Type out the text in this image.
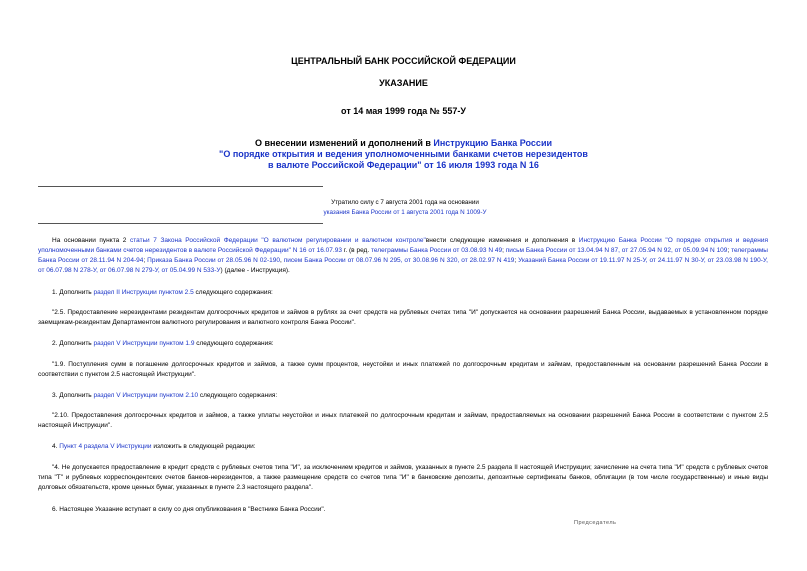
ЦЕНТРАЛЬНЫЙ БАНК РОССИЙСКОЙ ФЕДЕРАЦИИ
УКАЗАНИЕ
от 14 мая 1999 года № 557-У
О внесении изменений и дополнений в Инструкцию Банка России
"О порядке открытия и ведения уполномоченными банками счетов нерезидентов
в валюте Российской Федерации" от 16 июля 1993 года N 16
Утратило силу с 7 августа 2001 года на основании
указания Банка России от 1 августа 2001 года N 1009-У
На основании пункта 2 статьи 7 Закона Российской Федерации "О валютном регулировании и валютном контроле"внести следующие изменения и дополнения в Инструкцию Банка России "О порядке открытия и ведения уполномоченными банками счетов нерезидентов в валюте Российской Федерации" N 16 от 16.07.93 г. (в ред. телеграммы Банка России от 03.08.93 N 49; письм Банка России от 13.04.94 N 87, от 27.05.94 N 92, от 05.09.94 N 109; телеграммы Банка России от 28.11.94 N 204-94; Приказа Банка России от 28.05.96 N 02-190, писем Банка России от 08.07.96 N 295, от 30.08.96 N 320, от 28.02.97 N 419; Указаний Банка России от 19.11.97 N 25-У, от 24.11.97 N 30-У, от 23.03.98 N 190-У, от 06.07.98 N 278-У, от 06.07.98 N 279-У, от 05.04.99 N 533-У) (далее - Инструкция).
1. Дополнить раздел II Инструкции пунктом 2.5 следующего содержания:
"2.5. Предоставление нерезидентами резидентам долгосрочных кредитов и займов в рублях за счет средств на рублевых счетах типа "И" допускается на основании разрешений Банка России, выдаваемых в установленном порядке заемщикам-резидентам Департаментом валютного регулирования и валютного контроля Банка России".
2. Дополнить раздел V Инструкции пунктом 1.9 следующего содержания:
"1.9. Поступления сумм в погашение долгосрочных кредитов и займов, а также сумм процентов, неустойки и иных платежей по долгосрочным кредитам и займам, предоставленным на основании разрешений Банка России в соответствии с пунктом 2.5 настоящей Инструкции".
3. Дополнить раздел V Инструкции пунктом 2.10 следующего содержания:
"2.10. Предоставления долгосрочных кредитов и займов, а также уплаты неустойки и иных платежей по долгосрочным кредитам и займам, предоставляемых на основании разрешений Банка России в соответствии с пунктом 2.5 настоящей Инструкции".
4. Пункт 4 раздела V Инструкции изложить в следующей редакции:
"4. Не допускается предоставление в кредит средств с рублевых счетов типа "И", за исключением кредитов и займов, указанных в пункте 2.5 раздела II настоящей Инструкции; зачисление на счета типа "И" средств с рублевых счетов типа "Т" и рублевых корреспондентских счетов банков-нерезидентов, а также размещение средств со счетов типа "И" в банковские депозиты, депозитные сертификаты банков, облигации (в том числе государственные) и иные виды долговых обязательств, кроме ценных бумаг, указанных в пункте 2.3 настоящего раздела".
6. Настоящее Указание вступает в силу со дня опубликования в "Вестнике Банка России".
Председатель
